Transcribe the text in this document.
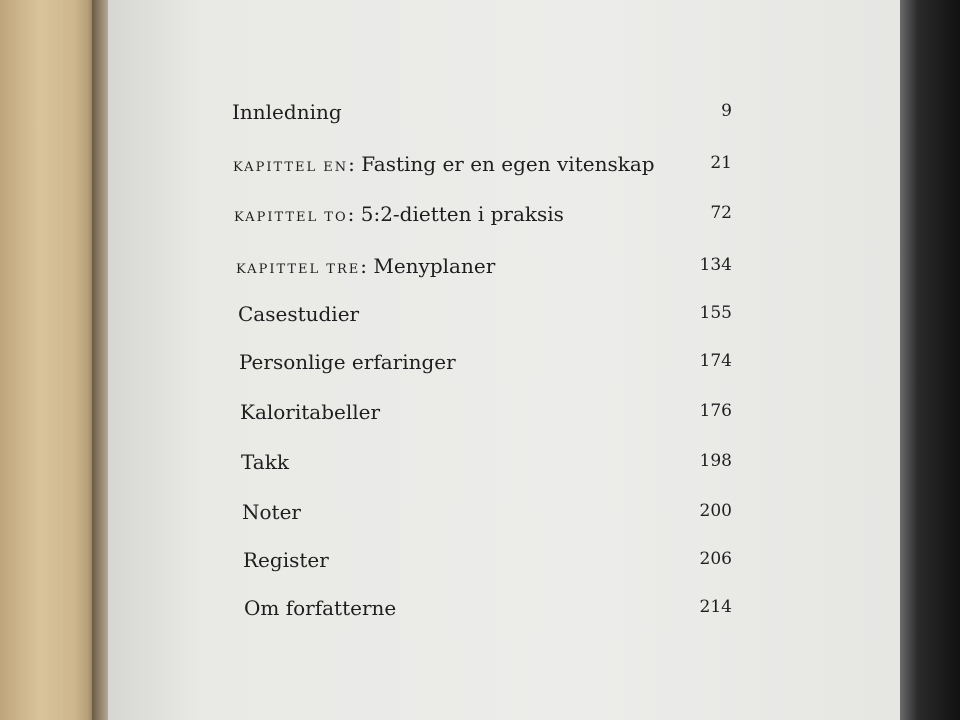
Innledning	9
KAPITTEL EN: Fasting er en egen vitenskap	21
KAPITTEL TO: 5:2-dietten i praksis	72
KAPITTEL TRE: Menyplaner	134
Casestudier	155
Personlige erfaringer	174
Kaloritabeller	176
Takk	198
Noter	200
Register	206
Om forfatterne	214
